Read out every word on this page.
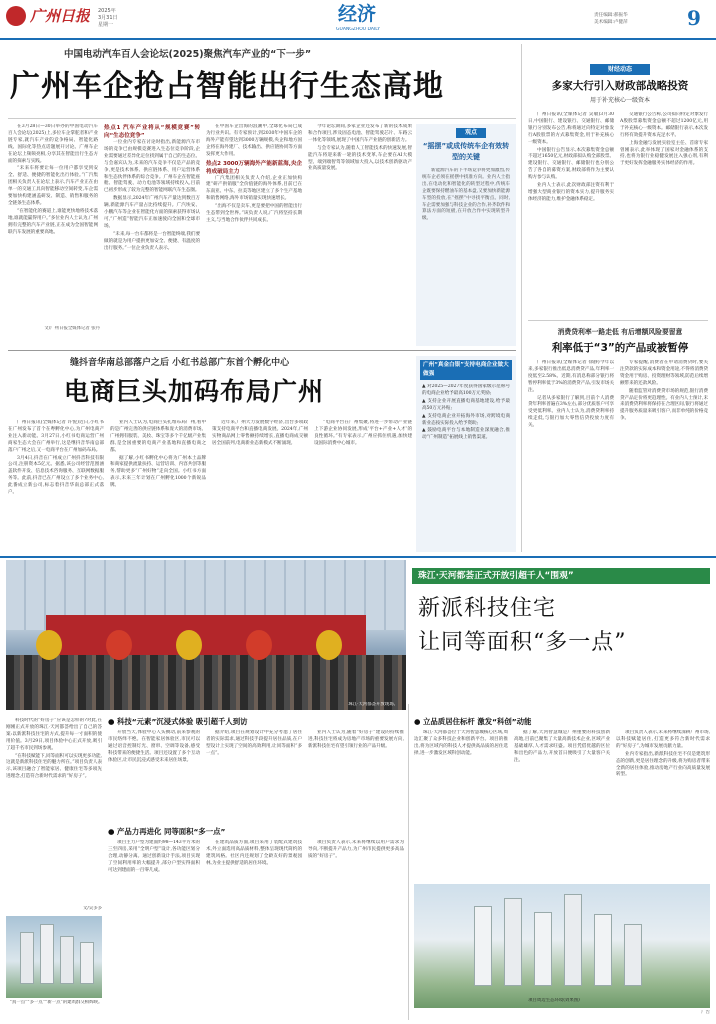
广州日报 2025年
3月31日
星期一	经济
GUANGZHOU DAILY
责任编辑:郝振华
美术编辑:卢健萍	9
中国电动汽车百人会论坛(2025)聚焦汽车产业的“下一步”
广州车企抢占智能出行生态高地

在3月28日—30日举办的中国电动汽车百人会论坛(2025)上,多位车企掌舵者和产业链专家,就汽车产业的竞争格局、智能化路线、国际化等热点话题展开讨论。广州车企在论坛上频频亮相,分享其在智能出行生态方面的探索与实践。

“未来车将要让每一位用户都享受到安全、舒适、便捷的智能化出行体验。”广汽集团相关负责人在论坛上表示,汽车产业正在由单一的交通工具向智能移动空间转变,车企需要加快构建涵盖研发、制造、销售和服务的全链条生态体系。

“在智能化的赛道上,谁能更快地将技术落地,谁就能赢得用户。”多位业内人士认为,广州拥有完整的汽车产业链,正在成为全国智能网联汽车发展的重要高地。

文/广州日报全媒体记者 张丹
热点1 汽车产业将从“规模竞赛”转向“生态位竞争”

一位业内专家在讨论时指出,新能源汽车市场的竞争已由规模竞赛进入生态位竞争阶段,企业需要通过差异化定位找到属于自己的生态位。与会嘉宾认为,未来的汽车竞争不仅是产品的竞争,更是技术体系、供应链体系、用户运营体系和生态伙伴体系的综合竞争。广州车企在智能座舱、智能驾驶、动力电池等领域持续投入,目前已初步形成了较为完整的智能网联汽车生态圈。

数据显示,2024年广州汽车产量达到数百万辆,新能源汽车产量占比持续提升。广汽埃安、小鹏汽车等企业在智能化方面的探索获得市场认可,“广州造”智能汽车正加速驶向全国和全球市场。

“未来,每一台车都将是一台智能终端,我们要做的就是为用户提供更加安全、便捷、有温度的出行服务。”一位企业负责人表示。

在中国车企出海的浪潮中,全球化布局已成为行业共识。有专家预计,到2030年中国车企的海外产能有望达到3000万辆规模,央企和地方国企将在海外建厂、技术输出、供应链协同等方面发挥更大作用。

热点2 3000万辆海外产能新蓝海,央企将成破局主力

广汽集团相关负责人介绍,企业正加快构建“研产供销服”全价值链的海外体系,目前已在东南亚、中东、拉美等地区建立了多个生产基地和销售网络,海外市场销量实现快速增长。

“出海不仅是卖车,更是要把中国的智能出行生态带到全世界。”该负责人说,广汽将坚持长期主义,与当地合作伙伴共同成长。

今年论坛期间,多家企业还发布了新的技术成果和合作项目,涉及固态电池、智能驾驶芯片、车路云一体化等领域,展现了中国汽车产业链的创新活力。

与会专家认为,随着人工智能技术的快速发展,智能汽车将迎来新一轮的技术变革,车企要在AI大模型、端到端智驾等领域加大投入,以技术创新驱动产业高质量发展。

观点
“摇摆”或成传统车企有效转型的关键

新能源汽车的下半场竞争将更加激烈,传统车企必须在摇摆中找准方向。业内人士指出,在电动化和智能化的转型过程中,传统车企既要保持燃油车的基本盘,又要加快新能源车型的投放,在“摇摆”中寻找平衡点。同时,车企需要加强与科技企业的合作,补齐软件和算法方面的短板,在开放合作中实现转型升级。

缝抖音华南总部落户之后 小红书总部广东首个孵化中心
电商巨头加码布局广州

广州日报讯(全媒体记者 许悦)近日,小红书在广州发布了首个在粤孵化中心,为广州电商产业注入新动能。3月27日,小红书电商运营广州商家生态大会在广州举行,这是继抖音华南总部落户广州之后,又一电商平台在广州加码布局。

3月4日,抖音在广州成立广州抖音科技有限公司,注册资本5亿元。据悉,该公司经营范围涵盖软件开发、信息技术咨询服务、互联网数据服务等。此前,抖音已在广州设立了多个业务中心,此番成立新公司,标志着抖音华南总部正式落户。

业内人士认为,电商巨头扎堆布局广州,看中的是广州完善的供应链体系和庞大的消费市场。广州拥有服装、美妆、珠宝等多个千亿级产业集群,是全国重要的电商产业基地和直播电商之都。

据了解,小红书孵化中心将为广州本土品牌和商家提供流量扶持、运营培训、内容共创等服务,帮助更多“广州好物”走向全国。小红书方面表示,未来三年计划在广州孵化1000个新锐品牌。

近年来,广州大力发展数字经济,出台多项政策支持电商平台和直播电商发展。2024年,广州实物商品网上零售额持续增长,直播电商成交额居全国前列,电商新业态新模式不断涌现。

“电商平台在广州集聚,将进一步带动产业链上下游企业协同发展,形成‘平台+产业+人才’的良性循环。”有专家表示,广州应抓住机遇,加快建设国际消费中心城市。

广州“真金白银”支持电商企业做大做强

▲ 对2025—2027年度获得国家级示范称号的电商企业给予最高100万元奖励;

▲ 支持企业开展直播电商基地建设,给予最高50万元补贴;

▲ 支持电商企业开拓海外市场,对跨境电商新业态按实际投入给予资助;

▲ 鼓励电商平台与本地制造业深度融合,推动“广州制造”拓展线上销售渠道。

财经动态
多家大行引入财政部战略投资
用于补充核心一级资本

广州日报讯(全媒体记者 吴敏)3月30日,中国银行、建设银行、交通银行、邮储银行分别发布公告,称将通过向特定对象发行A股股票的方式募集资金,用于补充核心一级资本。

中国银行公告显示,本次募集资金总额不超过1650亿元,财政部拟认购全部股票。建设银行、交通银行、邮储银行也分别公告了各自的募资方案,财政部将作为主要认购方参与认购。

业内人士表示,此次财政部注资有利于增强大型商业银行的资本实力,提升服务实体经济的能力,维护金融体系稳定。

交通银行公告称,公司拟向特定对象发行A股股票募集资金总额不超过1200亿元,用于补充核心一级资本。邮储银行表示,本次发行将有效提升资本充足水平。

上海金融与发展实验室主任、首席专家曾刚表示,此举体现了国家对金融体系的支持,也将为银行业稳健发展注入强心剂,有利于更好发挥金融服务实体经济的作用。

消费贷利率一路走低 有后增额风险要留意
利率低于“3”的产品或被暂停

广州日报讯(全媒体记者 徐静)今年以来,多家银行推出低息消费贷产品,年利率一度低至2.58%。近期,有消息称部分银行将暂停利率低于3%的消费贷产品,引发市场关注。

记者从多家银行了解到,目前个人消费贷年利率普遍在3%左右,部分优质客户可享受更低利率。业内人士认为,消费贷利率持续走低,与银行加大零售信贷投放力度有关。

专家提醒,消费者在申请消费贷时,要关注贷款的实际成本和资金用途,不得将消费贷资金用于购房、投资理财等领域,防范后续增额带来的还款风险。

随着监管对消费贷市场的规范,银行消费贷产品定价将更趋理性。有业内人士预计,未来消费贷利率将保持在合理区间,银行将通过提升服务质量来吸引客户,而非单纯的价格竞争。

珠江·天河都荟开放现场。
珠江·天河都荟正式开放引超千人“围观”
新派科技住宅
让同等面积“多一点”

科技时代的“好房子”应该是怎样的?对此,在刚刚正式开放的珠江·天河都荟给出了自己的答案:以新派科技住宅的方式,提升每一寸面积的使用价值。3月29日,项目体验中心正式开放,吸引了超千名市民到场参观。

“在科技赋能下,同等面积可以实现更多功能,这就是新派科技住宅的魅力所在。”项目负责人表示,该项目融合了智能家居、健康住宅等多项先进理念,打造符合新时代需求的“好房子”。

文/吴多多
“真一点”“多一点”“新一点”的建筑群交相辉映。
● 科技“元素”沉浸式体验 吸引超千人到访

开放当天,体验中心人头攒动,前来参观的市民络绎不绝。在智能家居体验区,市民可以通过语音控制灯光、窗帘、空调等设备,感受科技带来的便捷生活。项目还设置了多个互动体验区,让市民沉浸式感受未来居住场景。

据介绍,项目在规划设计中充分考虑了居住者的实际需求,通过科技手段提升居住品质,在户型设计上实现了空间的高效利用,让同等面积“多一点”。

业内人士认为,随着“好房子”建设的持续推进,科技住宅将成为房地产市场的重要发展方向,新派科技住宅有望引领行业的产品升级。

● 产品力再进化 同等面积“多一点”

项目主力户型为建面约98—143平方米的三至四房,采用“全明户型”设计,各功能区划分合理,动静分离。通过创新设计手法,项目实现了空间利用率的大幅提升,部分户型实得面积可达到建面的一百零几成。

在建筑品质方面,项目采用了装配式建筑技术,外立面选用高品质材料,整体呈现现代简约的建筑风格。社区内还规划了全龄友好的景观园林,为业主提供舒适的居住环境。

项目负责人表示,未来将继续以用户需求为导向,不断提升产品力,为广州市民提供更多高品质的“好房子”。

● 立品质居住标杆 激发“科创”动能

珠江·天河都荟位于天河智慧城核心区域,周边汇聚了众多科技企业和创新平台。项目的推出,将为区域内的科技人才提供高品质的居住选择,进一步激发区域科创动能。

据了解,天河智慧城是广州重要的科技创新高地,目前已聚集了大量高新技术企业,区域产业基础雄厚,人才需求旺盛。项目凭借优越的区位和出色的产品力,开放首日便吸引了大量客户关注。

项目负责人表示,未来将继续深耕广州市场,以科技赋能居住,打造更多符合新时代需求的“好房子”,为城市发展贡献力量。

业内专家指出,新派科技住宅不仅是建筑形态的创新,更是居住理念的升级,将为购房者带来全新的居住体验,推动房地产行业向高质量发展转型。

项目周边生态环境(效果图)
广告
